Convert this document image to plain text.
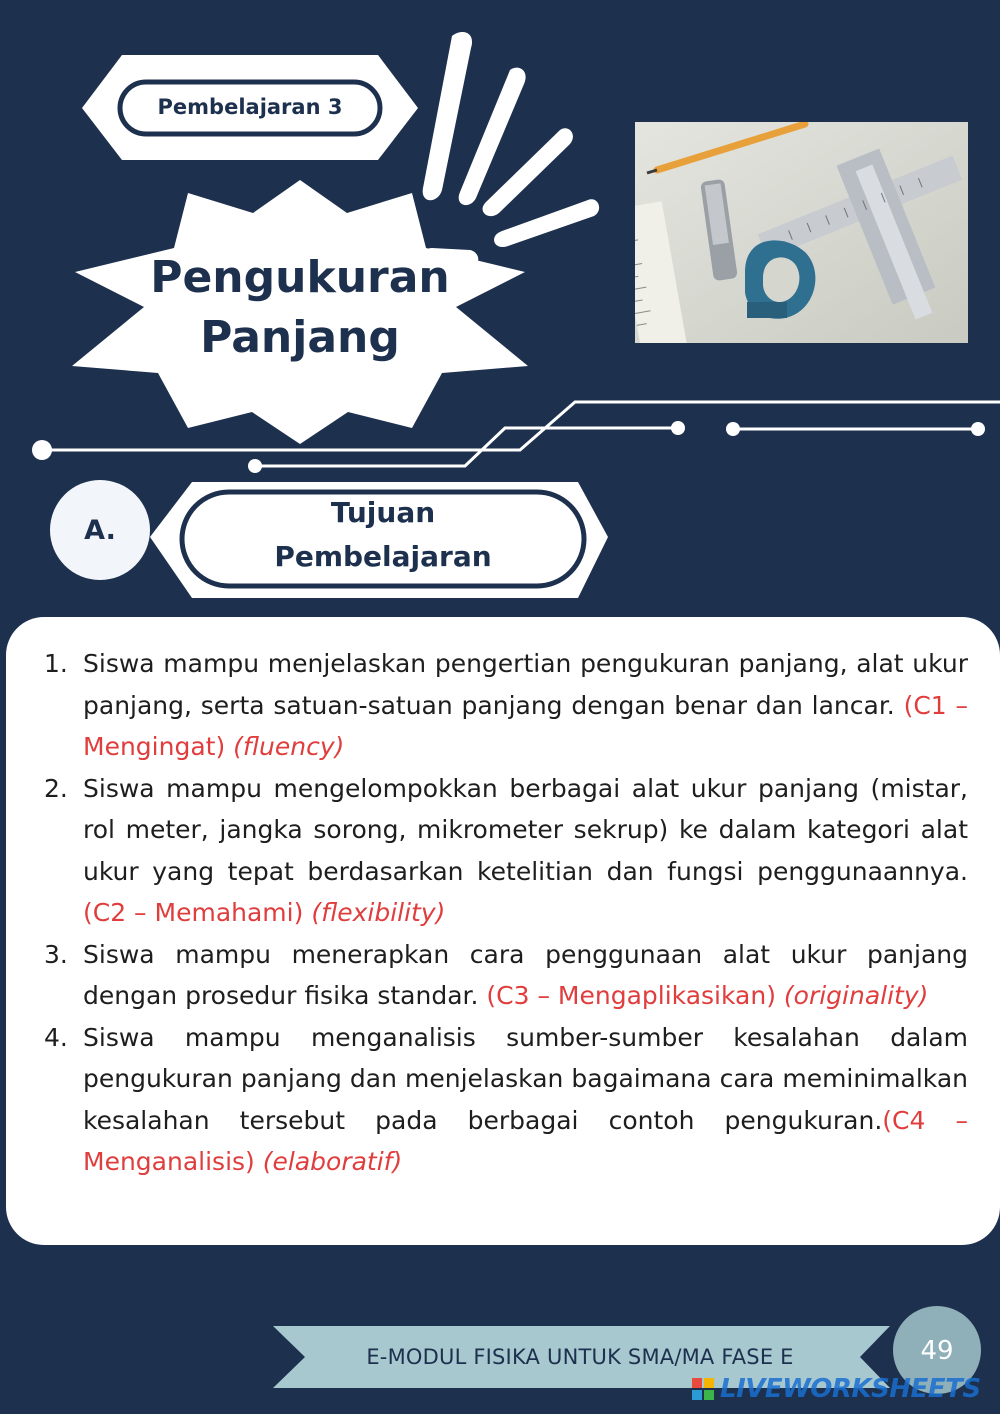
Pembelajaran 3
Pengukuran
Panjang
A.
Tujuan
Pembelajaran
1. Siswa mampu menjelaskan pengertian pengukuran panjang, alat ukur panjang, serta satuan-satuan panjang dengan benar dan lancar. (C1 – Mengingat) (fluency)
2. Siswa mampu mengelompokkan berbagai alat ukur panjang (mistar, rol meter, jangka sorong, mikrometer sekrup) ke dalam kategori alat ukur yang tepat berdasarkan ketelitian dan fungsi penggunaannya. (C2 – Memahami) (flexibility)
3. Siswa mampu menerapkan cara penggunaan alat ukur panjang dengan prosedur fisika standar. (C3 – Mengaplikasikan) (originality)
4. Siswa mampu menganalisis sumber-sumber kesalahan dalam pengukuran panjang dan menjelaskan bagaimana cara meminimalkan kesalahan tersebut pada berbagai contoh pengukuran.(C4 – Menganalisis) (elaboratif)
E-MODUL FISIKA UNTUK SMA/MA FASE E	49
LIVEWORKSHEETS
